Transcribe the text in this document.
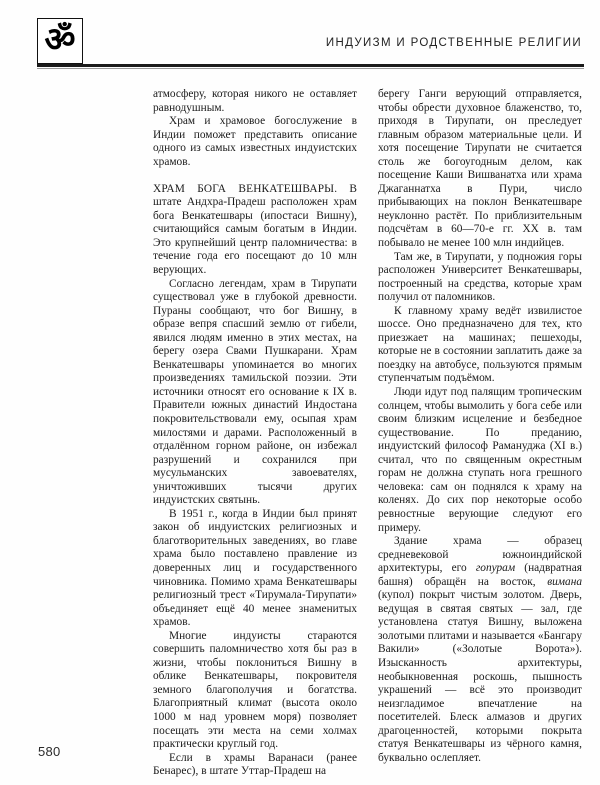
ॐ	ИНДУИЗМ И РОДСТВЕННЫЕ РЕЛИГИИ

атмосферу, которая никого не оставляет равнодушным.

Храм и храмовое богослужение в Индии поможет представить описание одного из самых известных индуистских храмов.

ХРАМ БОГА ВЕНКАТЕШВАРЫ. В штате Андхра-Прадеш расположен храм бога Венкатешвары (ипостаси Вишну), считающийся самым богатым в Индии. Это крупнейший центр паломничества: в течение года его посещают до 10 млн верующих.

Согласно легендам, храм в Тирупати существовал уже в глубокой древности. Пураны сообщают, что бог Вишну, в образе вепря спасший землю от гибели, явился людям именно в этих местах, на берегу озера Свами Пушкарани. Храм Венкатешвары упоминается во многих произведениях тамильской поэзии. Эти источники относят его основание к IX в. Правители южных династий Индостана покровительствовали ему, осыпая храм милостями и дарами. Расположенный в отдалённом горном районе, он избежал разрушений и сохранился при мусульманских завоевателях, уничтоживших тысячи других индуистских святынь.

В 1951 г., когда в Индии был принят закон об индуистских религиозных и благотворительных заведениях, во главе храма было поставлено правление из доверенных лиц и государственного чиновника. Помимо храма Венкатешвары религиозный трест «Тирумала-Тирупати» объединяет ещё 40 менее знаменитых храмов.

Многие индуисты стараются совершить паломничество хотя бы раз в жизни, чтобы поклониться Вишну в облике Венкатешвары, покровителя земного благополучия и богатства. Благоприятный климат (высота около 1000 м над уровнем моря) позволяет посещать эти места на семи холмах практически круглый год.

Если в храмы Варанаси (ранее Бенарес), в штате Уттар-Прадеш на

берегу Ганги верующий отправляется, чтобы обрести духовное блаженство, то, приходя в Тирупати, он преследует главным образом материальные цели. И хотя посещение Тирупати не считается столь же богоугодным делом, как посещение Каши Вишванатха или храма Джаганнатха в Пури, число прибывающих на поклон Венкатешваре неуклонно растёт. По приблизительным подсчётам в 60—70-е гг. XX в. там побывало не менее 100 млн индийцев.

Там же, в Тирупати, у подножия горы расположен Университет Венкатешвары, построенный на средства, которые храм получил от паломников.

К главному храму ведёт извилистое шоссе. Оно предназначено для тех, кто приезжает на машинах; пешеходы, которые не в состоянии заплатить даже за поездку на автобусе, пользуются прямым ступенчатым подъёмом.

Люди идут под палящим тропическим солнцем, чтобы вымолить у бога себе или своим близким исцеление и безбедное существование. По преданию, индуистский философ Рамануджа (XI в.) считал, что по священным окрестным горам не должна ступать нога грешного человека: сам он поднялся к храму на коленях. До сих пор некоторые особо ревностные верующие следуют его примеру.

Здание храма — образец средневековой южноиндийской архитектуры, его гопурам (надвратная башня) обращён на восток, вимана (купол) покрыт чистым золотом. Дверь, ведущая в святая святых — зал, где установлена статуя Вишну, выложена золотыми плитами и называется «Бангару Вакили» («Золотые Ворота»). Изысканность архитектуры, необыкновенная роскошь, пышность украшений — всё это производит неизгладимое впечатление на посетителей. Блеск алмазов и других драгоценностей, которыми покрыта статуя Венкатешвары из чёрного камня, буквально ослепляет.

580
